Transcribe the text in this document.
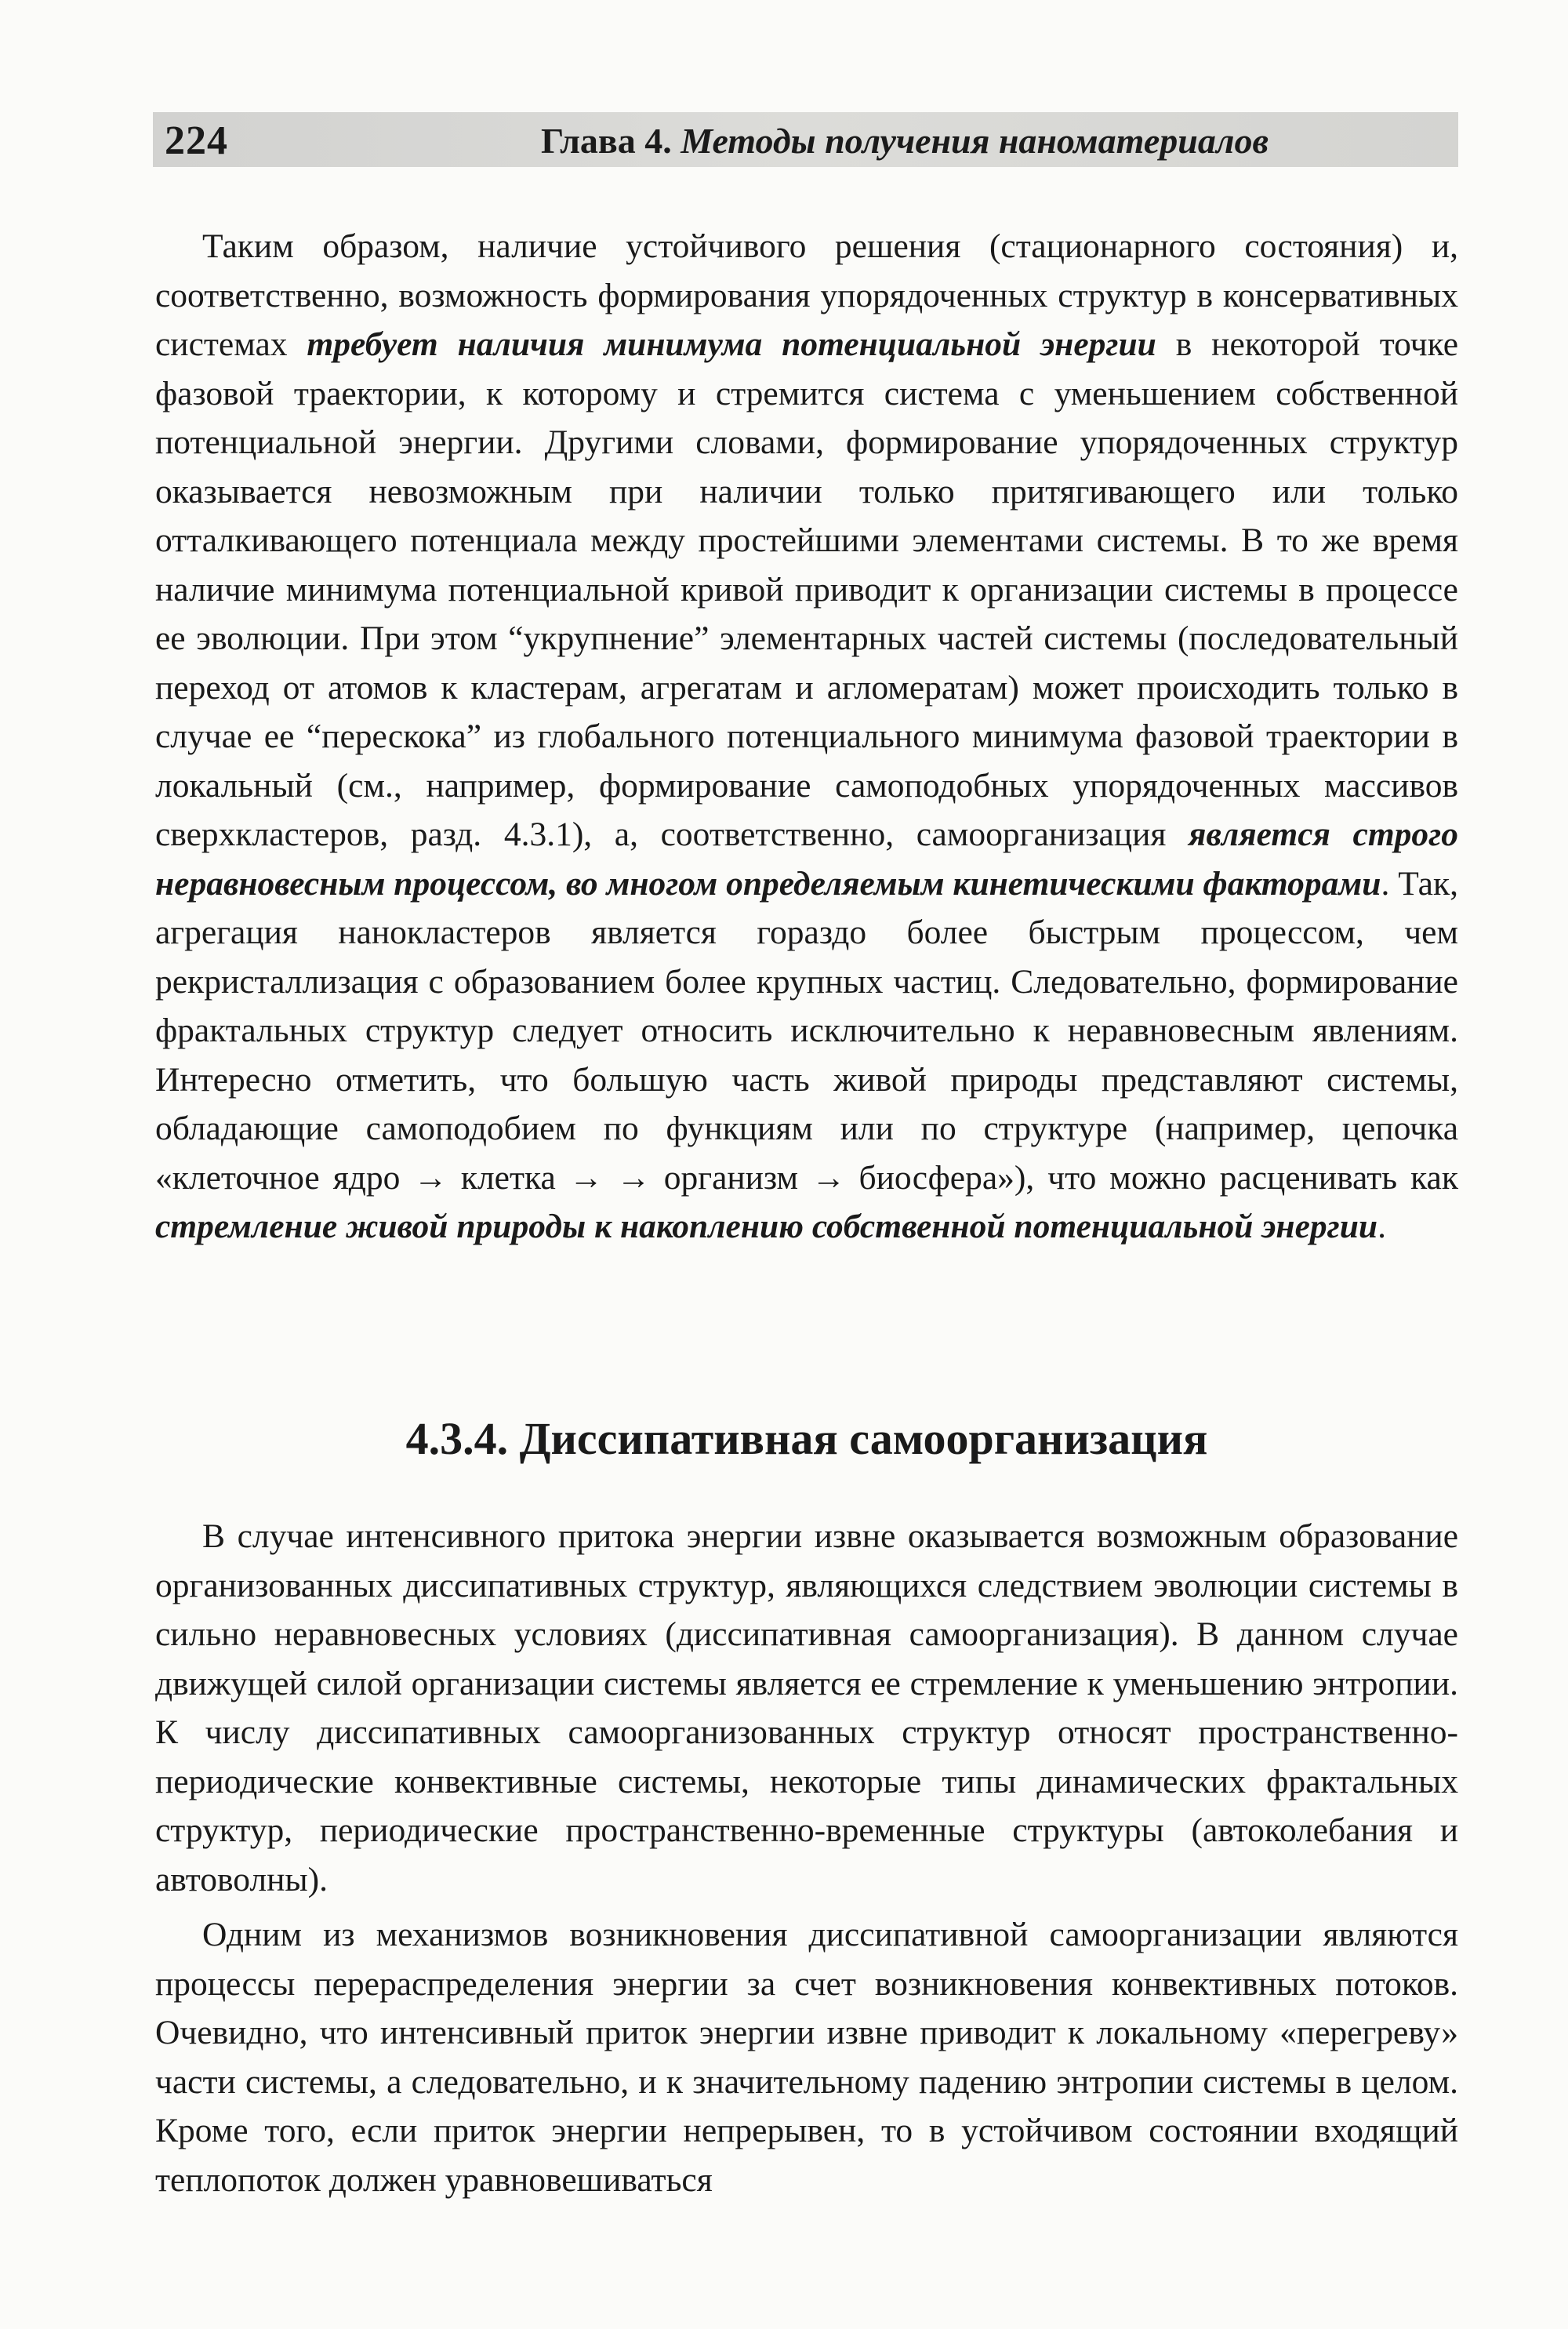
224	Глава 4. Методы получения наноматериалов

Таким образом, наличие устойчивого решения (стационарного состояния) и, соответственно, возможность формирования упорядоченных структур в консервативных системах требует наличия минимума потенциальной энергии в некоторой точке фазовой траектории, к которому и стремится система с уменьшением собственной потенциальной энергии. Другими словами, формирование упорядоченных структур оказывается невозможным при наличии только притягивающего или только отталкивающего потенциала между простейшими элементами системы. В то же время наличие минимума потенциальной кривой приводит к организации системы в процессе ее эволюции. При этом “укрупнение” элементарных частей системы (последовательный переход от атомов к кластерам, агрегатам и агломератам) может происходить только в случае ее “перескока” из глобального потенциального минимума фазовой траектории в локальный (см., например, формирование самоподобных упорядоченных массивов сверхкластеров, разд. 4.3.1), а, соответственно, самоорганизация является строго неравновесным процессом, во многом определяемым кинетическими факторами. Так, агрегация нанокластеров является гораздо более быстрым процессом, чем рекристаллизация с образованием более крупных частиц. Следовательно, формирование фрактальных структур следует относить исключительно к неравновесным явлениям. Интересно отметить, что большую часть живой природы представляют системы, обладающие самоподобием по функциям или по структуре (например, цепочка «клеточное ядро → клетка → → организм → биосфера»), что можно расценивать как стремление живой природы к накоплению собственной потенциальной энергии.

4.3.4. Диссипативная самоорганизация

В случае интенсивного притока энергии извне оказывается возможным образование организованных диссипативных структур, являющихся следствием эволюции системы в сильно неравновесных условиях (диссипативная самоорганизация). В данном случае движущей силой организации системы является ее стремление к уменьшению энтропии. К числу диссипативных самоорганизованных структур относят пространственно-периодические конвективные системы, некоторые типы динамических фрактальных структур, периодические пространственно-временные структуры (автоколебания и автоволны).

Одним из механизмов возникновения диссипативной самоорганизации являются процессы перераспределения энергии за счет возникновения конвективных потоков. Очевидно, что интенсивный приток энергии извне приводит к локальному «перегреву» части системы, а следовательно, и к значительному падению энтропии системы в целом. Кроме того, если приток энергии непрерывен, то в устойчивом состоянии входящий теплопоток должен уравновешиваться
